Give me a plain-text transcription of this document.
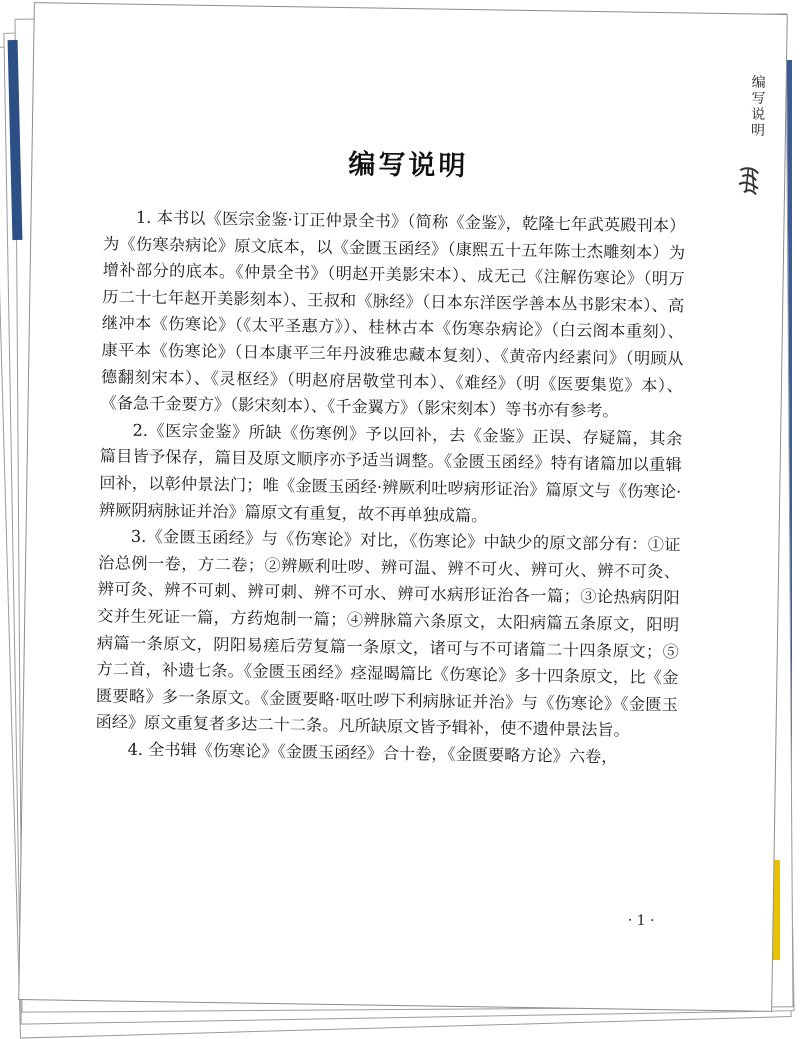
编写说明
编写说明

1. 本书以《医宗金鉴·订正仲景全书》（简称《金鉴》，乾隆七年武英殿刊本）为《伤寒杂病论》原文底本，以《金匮玉函经》（康熙五十五年陈士杰雕刻本）为增补部分的底本。《仲景全书》（明赵开美影宋本）、成无己《注解伤寒论》（明万历二十七年赵开美影刻本）、王叔和《脉经》（日本东洋医学善本丛书影宋本）、高继冲本《伤寒论》（《太平圣惠方》）、桂林古本《伤寒杂病论》（白云阁本重刻）、康平本《伤寒论》（日本康平三年丹波雅忠藏本复刻）、《黄帝内经素问》（明顾从德翻刻宋本）、《灵枢经》（明赵府居敬堂刊本）、《难经》（明《医要集览》本）、《备急千金要方》（影宋刻本）、《千金翼方》（影宋刻本）等书亦有参考。

2.《医宗金鉴》所缺《伤寒例》予以回补，去《金鉴》正误、存疑篇，其余篇目皆予保存，篇目及原文顺序亦予适当调整。《金匮玉函经》特有诸篇加以重辑回补，以彰仲景法门；唯《金匮玉函经·辨厥利吐哕病形证治》篇原文与《伤寒论·辨厥阴病脉证并治》篇原文有重复，故不再单独成篇。

3.《金匮玉函经》与《伤寒论》对比，《伤寒论》中缺少的原文部分有：①证治总例一卷，方二卷；②辨厥利吐哕、辨可温、辨不可火、辨可火、辨不可灸、辨可灸、辨不可刺、辨可刺、辨不可水、辨可水病形证治各一篇；③论热病阴阳交并生死证一篇，方药炮制一篇；④辨脉篇六条原文，太阳病篇五条原文，阳明病篇一条原文，阴阳易瘥后劳复篇一条原文，诸可与不可诸篇二十四条原文；⑤方二首，补遗七条。《金匮玉函经》痉湿暍篇比《伤寒论》多十四条原文，比《金匮要略》多一条原文。《金匮要略·呕吐哕下利病脉证并治》与《伤寒论》《金匮玉函经》原文重复者多达二十二条。凡所缺原文皆予辑补，使不遗仲景法旨。

4. 全书辑《伤寒论》《金匮玉函经》合十卷，《金匮要略方论》六卷，

· 1 ·
